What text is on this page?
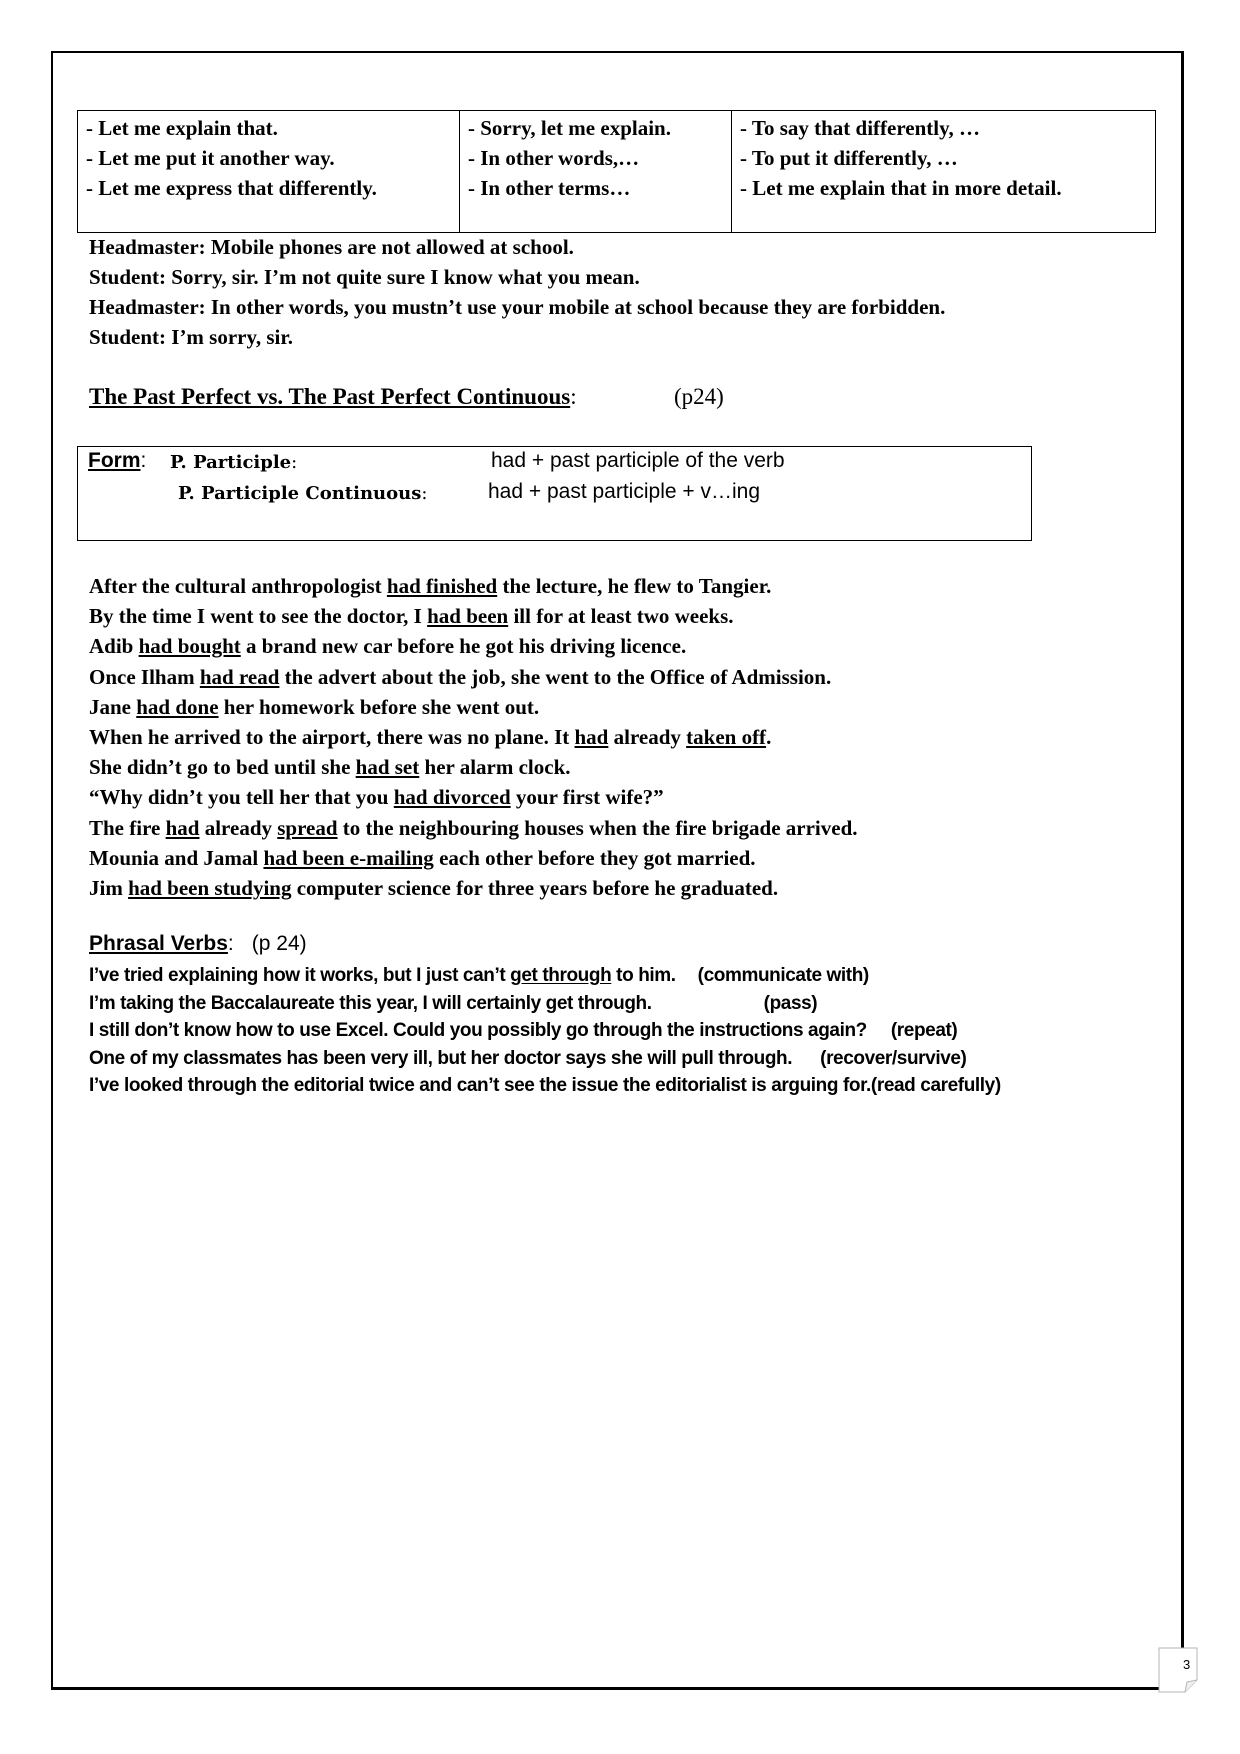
- Let me explain that.
- Let me put it another way.
- Let me express that differently.

- Sorry, let me explain.
- In other words,…
- In other terms…

- To say that differently, …
- To put it differently, …
- Let me explain that in more detail.
Headmaster: Mobile phones are not allowed at school.
Student: Sorry, sir. I’m not quite sure I know what you mean.
Headmaster: In other words, you mustn’t use your mobile at school because they are forbidden.
Student: I’m sorry, sir.
The Past Perfect vs. The Past Perfect Continuous:	(p24)
Form: P. Participle:	had + past participle of the verb
P. Participle Continuous:	had + past participle + v…ing
After the cultural anthropologist had finished the lecture, he flew to Tangier.
By the time I went to see the doctor, I had been ill for at least two weeks.
Adib had bought a brand new car before he got his driving licence.
Once Ilham had read the advert about the job, she went to the Office of Admission.
Jane had done her homework before she went out.
When he arrived to the airport, there was no plane. It had already taken off.
She didn’t go to bed until she had set her alarm clock.
“Why didn’t you tell her that you had divorced your first wife?”
The fire had already spread to the neighbouring houses when the fire brigade arrived.
Mounia and Jamal had been e-mailing each other before they got married.
Jim had been studying computer science for three years before he graduated.
Phrasal Verbs: (p 24)
I’ve tried explaining how it works, but I just can’t get through to him. (communicate with)
I’m taking the Baccalaureate this year, I will certainly get through.	(pass)
I still don’t know how to use Excel. Could you possibly go through the instructions again? (repeat)
One of my classmates has been very ill, but her doctor says she will pull through. (recover/survive)
I’ve looked through the editorial twice and can’t see the issue the editorialist is arguing for.(read carefully)
3
